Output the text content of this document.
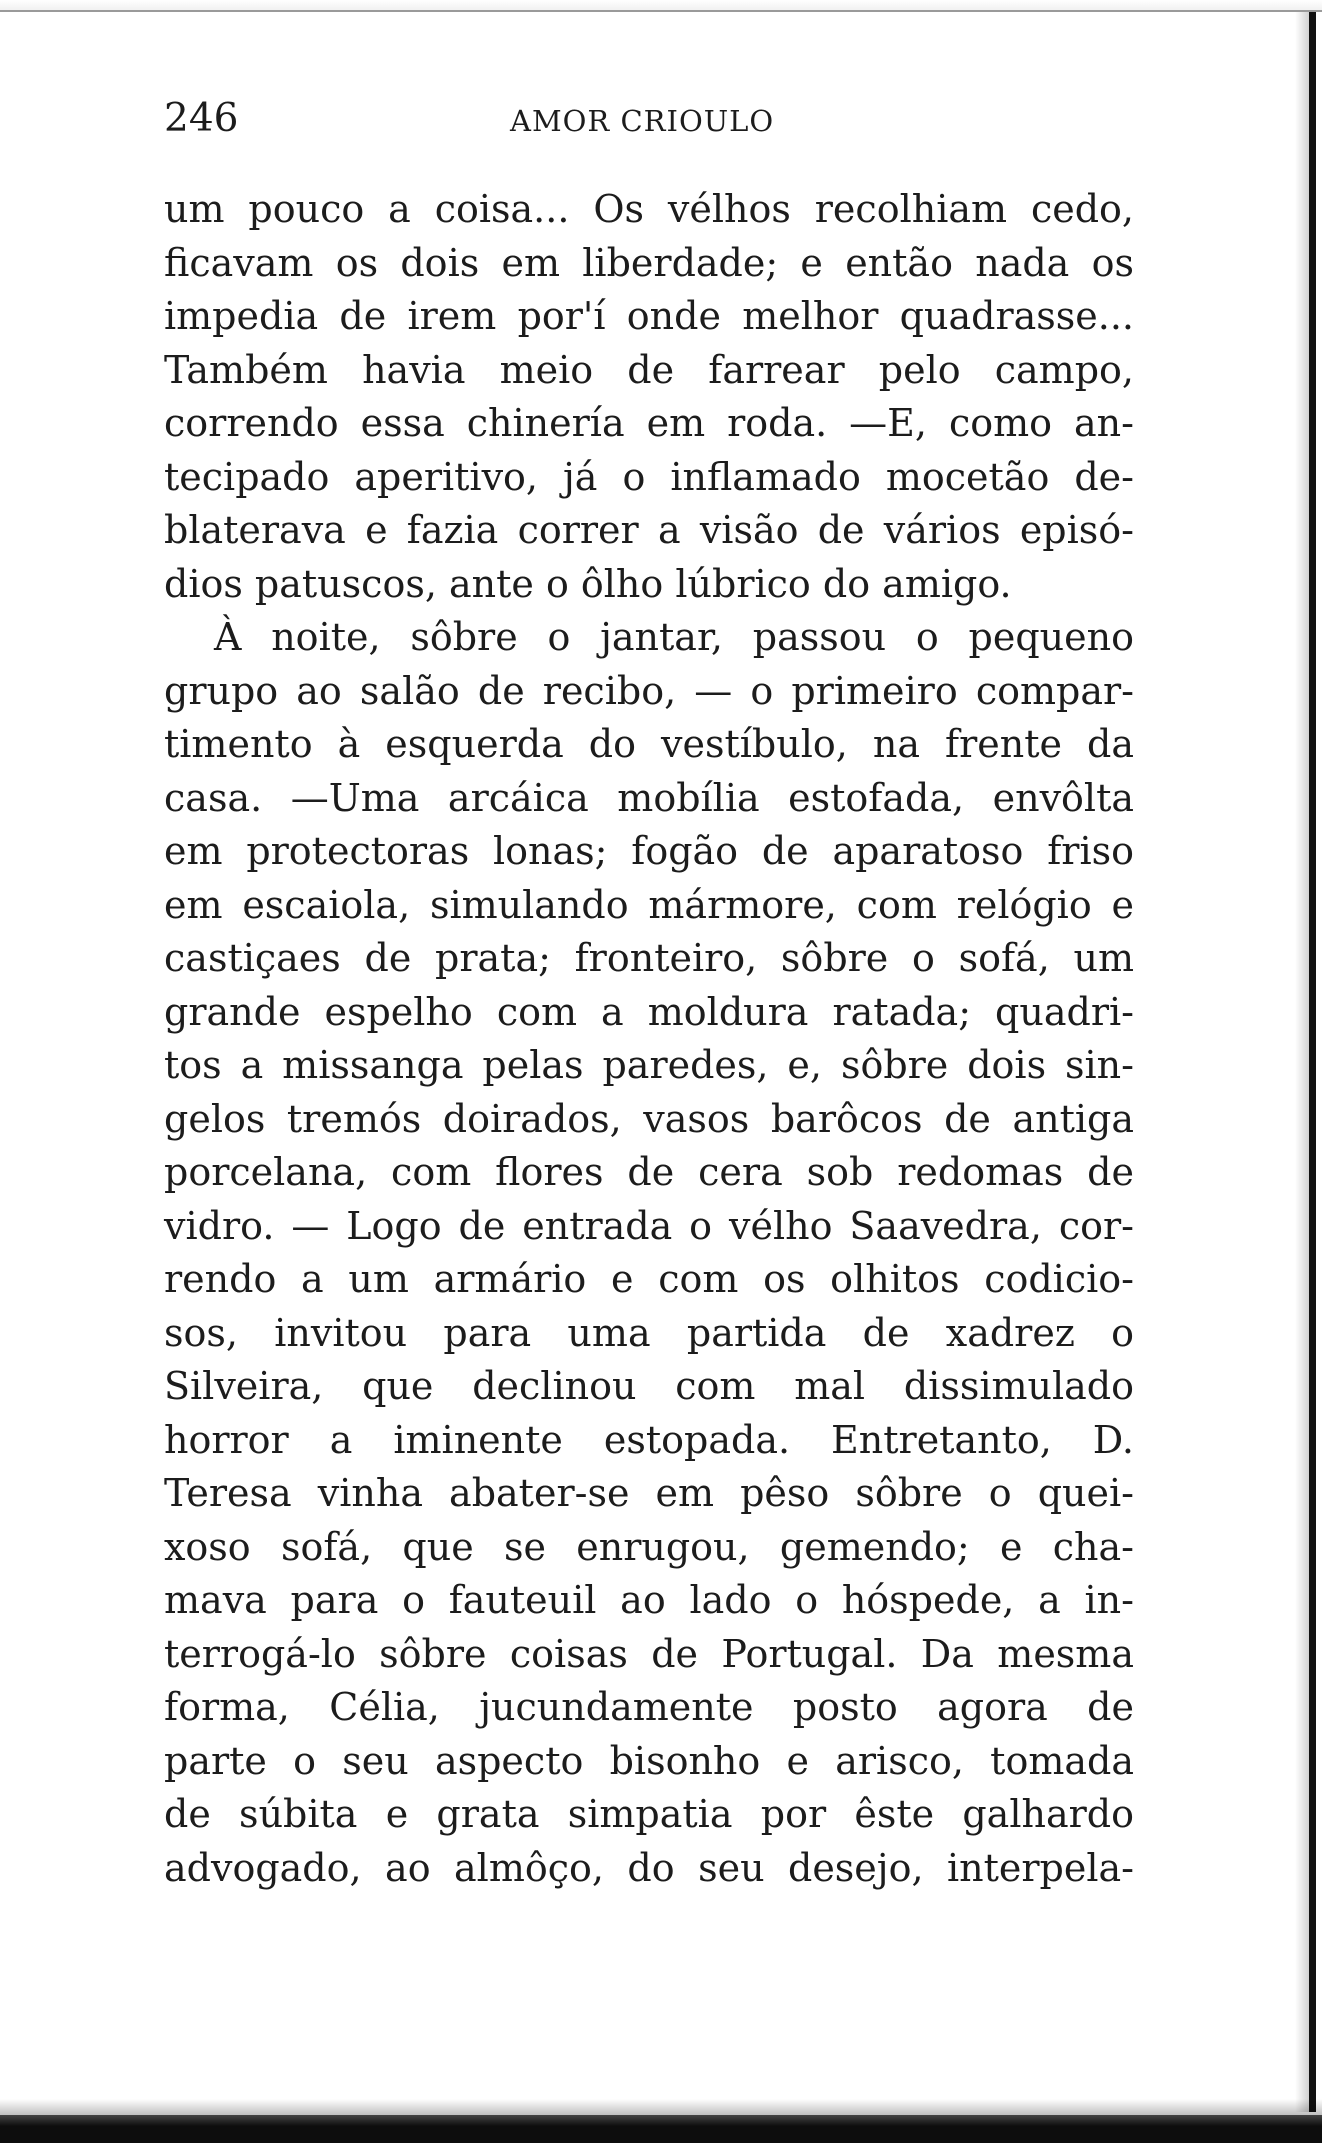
246	AMOR CRIOULO
um pouco a coisa... Os vélhos recolhiam cedo,
ficavam os dois em liberdade; e então nada os
impedia de irem por'í onde melhor quadrasse...
Também havia meio de farrear pelo campo,
correndo essa chinería em roda. —E, como an-
tecipado aperitivo, já o inflamado mocetão de-
blaterava e fazia correr a visão de vários episó-
dios patuscos, ante o ôlho lúbrico do amigo.
À noite, sôbre o jantar, passou o pequeno
grupo ao salão de recibo, — o primeiro compar-
timento à esquerda do vestíbulo, na frente da
casa. —Uma arcáica mobília estofada, envôlta
em protectoras lonas; fogão de aparatoso friso
em escaiola, simulando mármore, com relógio e
castiçaes de prata; fronteiro, sôbre o sofá, um
grande espelho com a moldura ratada; quadri-
tos a missanga pelas paredes, e, sôbre dois sin-
gelos tremós doirados, vasos barôcos de antiga
porcelana, com flores de cera sob redomas de
vidro. — Logo de entrada o vélho Saavedra, cor-
rendo a um armário e com os olhitos codicio-
sos, invitou para uma partida de xadrez o
Silveira, que declinou com mal dissimulado
horror a iminente estopada. Entretanto, D.
Teresa vinha abater-se em pêso sôbre o quei-
xoso sofá, que se enrugou, gemendo; e cha-
mava para o fauteuil ao lado o hóspede, a in-
terrogá-lo sôbre coisas de Portugal. Da mesma
forma, Célia, jucundamente posto agora de
parte o seu aspecto bisonho e arisco, tomada
de súbita e grata simpatia por êste galhardo
advogado, ao almôço, do seu desejo, interpela-
